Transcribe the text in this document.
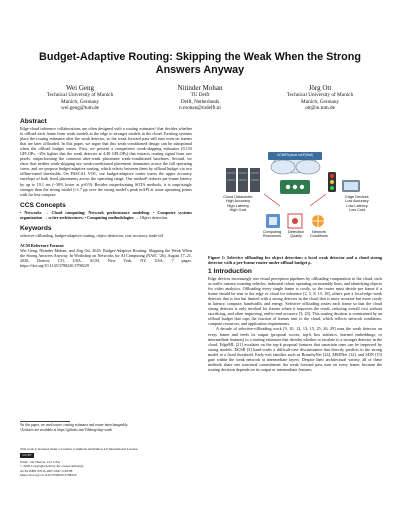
Budget-Adaptive Routing: Skipping the Weak When the Strong Answers Anyway
Wei Geng
Technical University of Munich
Munich, Germany
wei.geng@tum.de
Nitinder Mohan
TU Delft
Delft, Netherlands
n.mohan@tudelft.nl
Jörg Ott
Technical University of Munich
Munich, Germany
ott@in.tum.de
Abstract

Edge-cloud inference collaborations are often designed with a routing estimator¹ that decides whether to offload each frame from weak models at the edge to stronger models in the cloud. Existing systems place the routing estimator after the weak detector, so the weak forward pass still runs even on frames that are later offloaded. In this paper, we argue that this weak-conditioned design can be suboptimal when the offload budget varies. First, we present a competitive weak-skipping estimator (0.153 GFLOPs, ~29x lighter that the weak detector at 4.49 GFLOPs) that extracts routing signal from raw pixels, outperforming the common after-weak placement weak-conditioned baselines. Second, we show that neither weak-skipping nor weak-conditioned placement dominates across the full operating curve, and we propose budget-adaptive routing, which selects between them by offload budget via two offline-tuned thresholds. On PASCAL VOC, our budget-adaptive router traces the upper accuracy envelope of both fixed placements across the operating range. Our method² reduces per-frame latency by up to 19.1 ms (~30% lower at ρ≈0.9). Besides outperforming SOTA methods, it is surprisingly stronger than the strong model (+1.7 pp over the strong model’s peak mAP) at some operating points with far less compute.

CCS Concepts

• Networks → Cloud computing; Network performance modeling; • Computer systems organization → n-tier architectures; • Computing methodologies → Object detection.

Keywords

selective offloading, budget-adaptive routing, object detection, cost-accuracy trade-off

ACM Reference Format:
Wei Geng, Nitinder Mohan, and Jörg Ott. 2026. Budget-Adaptive Routing: Skipping the Weak When the Strong Answers Anyway. In Workshop on Networks for AI Computing (NAIC ’26), August 17–21, 2026, Denver, CO, USA. ACM, New York, NY, USA, 7 pages. https://doi.org/10.1145/3798220.3798229

¹In this paper, we used router, routing estimator and router interchangeably.
²Artifacts are available at https://github.com/Vibhorg/skip-weak
This work is licensed under a Creative Commons Attribution 4.0 International License.
CC BY
NAIC ’26, Denver, CO, USA
© 2026 Copyright held by the owner/author(s).
ACM ISBN 979-8-4007-2647-5/26/08
https://doi.org/10.1145/3798220.3798229
ACM/Physical mAP(Stat)
Cloud Datacenter
High Accuracy
High Latency
High Cost
Edge Devices
Low Accuracy
Low Latency
Low Cost
Computing Resources
Detection Quality
Network Conditions
Figure 1: Selective offloading for object detection: a local weak detector and a cloud strong detector with a per-frame router under offload budget ρ.
1 Introduction

Edge devices increasingly run visual perception pipelines by offloading computation to the cloud, such as traffic camera counting vehicles, industrial robots operating on assembly lines, and identifying objects for video analytics. Offloading every single frame is costly, so the router must decide per frame if a frame should be sent to the edge or cloud for inference [2, 5, 8, 15, 18], others pair a local-edge weak detector that is fast but limited with a strong detector in the cloud that is more accurate but more costly in latency, compute, bandwidth, and energy. Selective offloading routes each frame so that the cloud strong detector is only invoked for frames where it improves the result, reducing overall cost without sacrificing, and often improving, end-to-end accuracy [3, 23]. This routing decision is constrained by an offload budget that caps the fraction of frames sent to the cloud, which reflects network conditions, compute resources, and application requirements.

A decade of selective-offloading work [9, 10, 12, 13, 15, 25, 26, 29] runs the weak detector on every frame and feeds its output (proposal scores, top-k box statistics, learned embeddings, or intermediate features) to a routing estimator that decides whether to escalate to a stronger detector in the cloud. EdgeML [21] escalates on the top-k proposal features that uncertain ones can be improved by strong models. DCSB [3] hand-crafts a difficult-case discriminator that directly predicts to the strong model at a fixed threshold. Early-exit families such as BranchyNet [24], MSDNet [12], and SDN [15] gate within the weak network at intermediate layers. Despite their architectural variety, all of these methods share one structural commitment: the weak forward pass runs on every frame, because the routing decision depends on its output or intermediate features.
